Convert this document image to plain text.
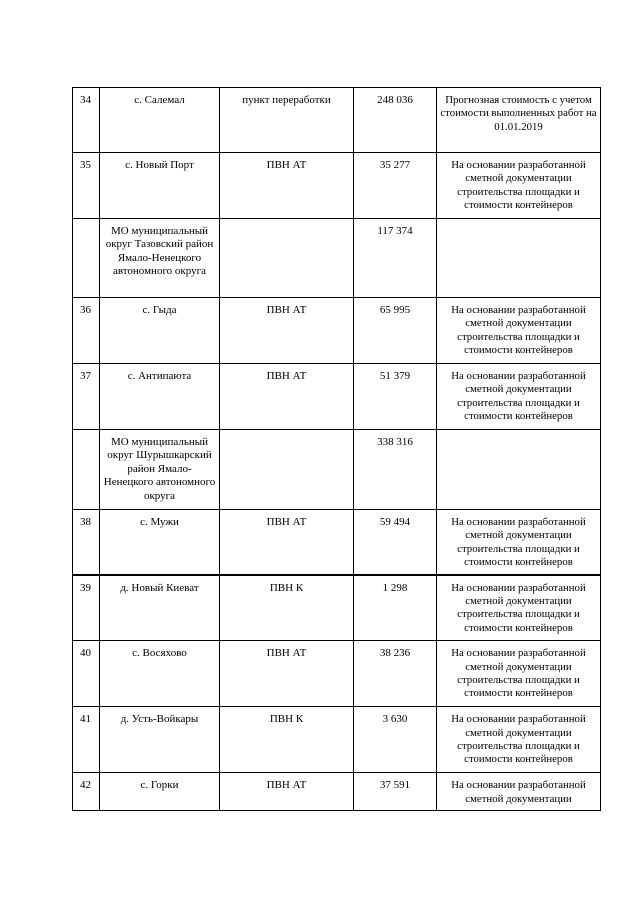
34	с. Салемал	пункт переработки	248 036	Прогнозная стоимость с учетом стоимости выполненных работ на 01.01.2019
35	с. Новый Порт	ПВН АТ	35 277	На основании разработанной сметной документации строительства площадки и стоимости контейнеров
	МО муниципальный округ Тазовский район Ямало-Ненецкого автономного округа		117 374	
36	с. Гыда	ПВН АТ	65 995	На основании разработанной сметной документации строительства площадки и стоимости контейнеров
37	с. Антипаюта	ПВН АТ	51 379	На основании разработанной сметной документации строительства площадки и стоимости контейнеров
	МО муниципальный округ Шурышкарский район Ямало-Ненецкого автономного округа		338 316	
38	с. Мужи	ПВН АТ	59 494	На основании разработанной сметной документации строительства площадки и стоимости контейнеров
39	д. Новый Киеват	ПВН К	1 298	На основании разработанной сметной документации строительства площадки и стоимости контейнеров
40	с. Восяхово	ПВН АТ	38 236	На основании разработанной сметной документации строительства площадки и стоимости контейнеров
41	д. Усть-Войкары	ПВН К	3 630	На основании разработанной сметной документации строительства площадки и стоимости контейнеров
42	с. Горки	ПВН АТ	37 591	На основании разработанной сметной документации
